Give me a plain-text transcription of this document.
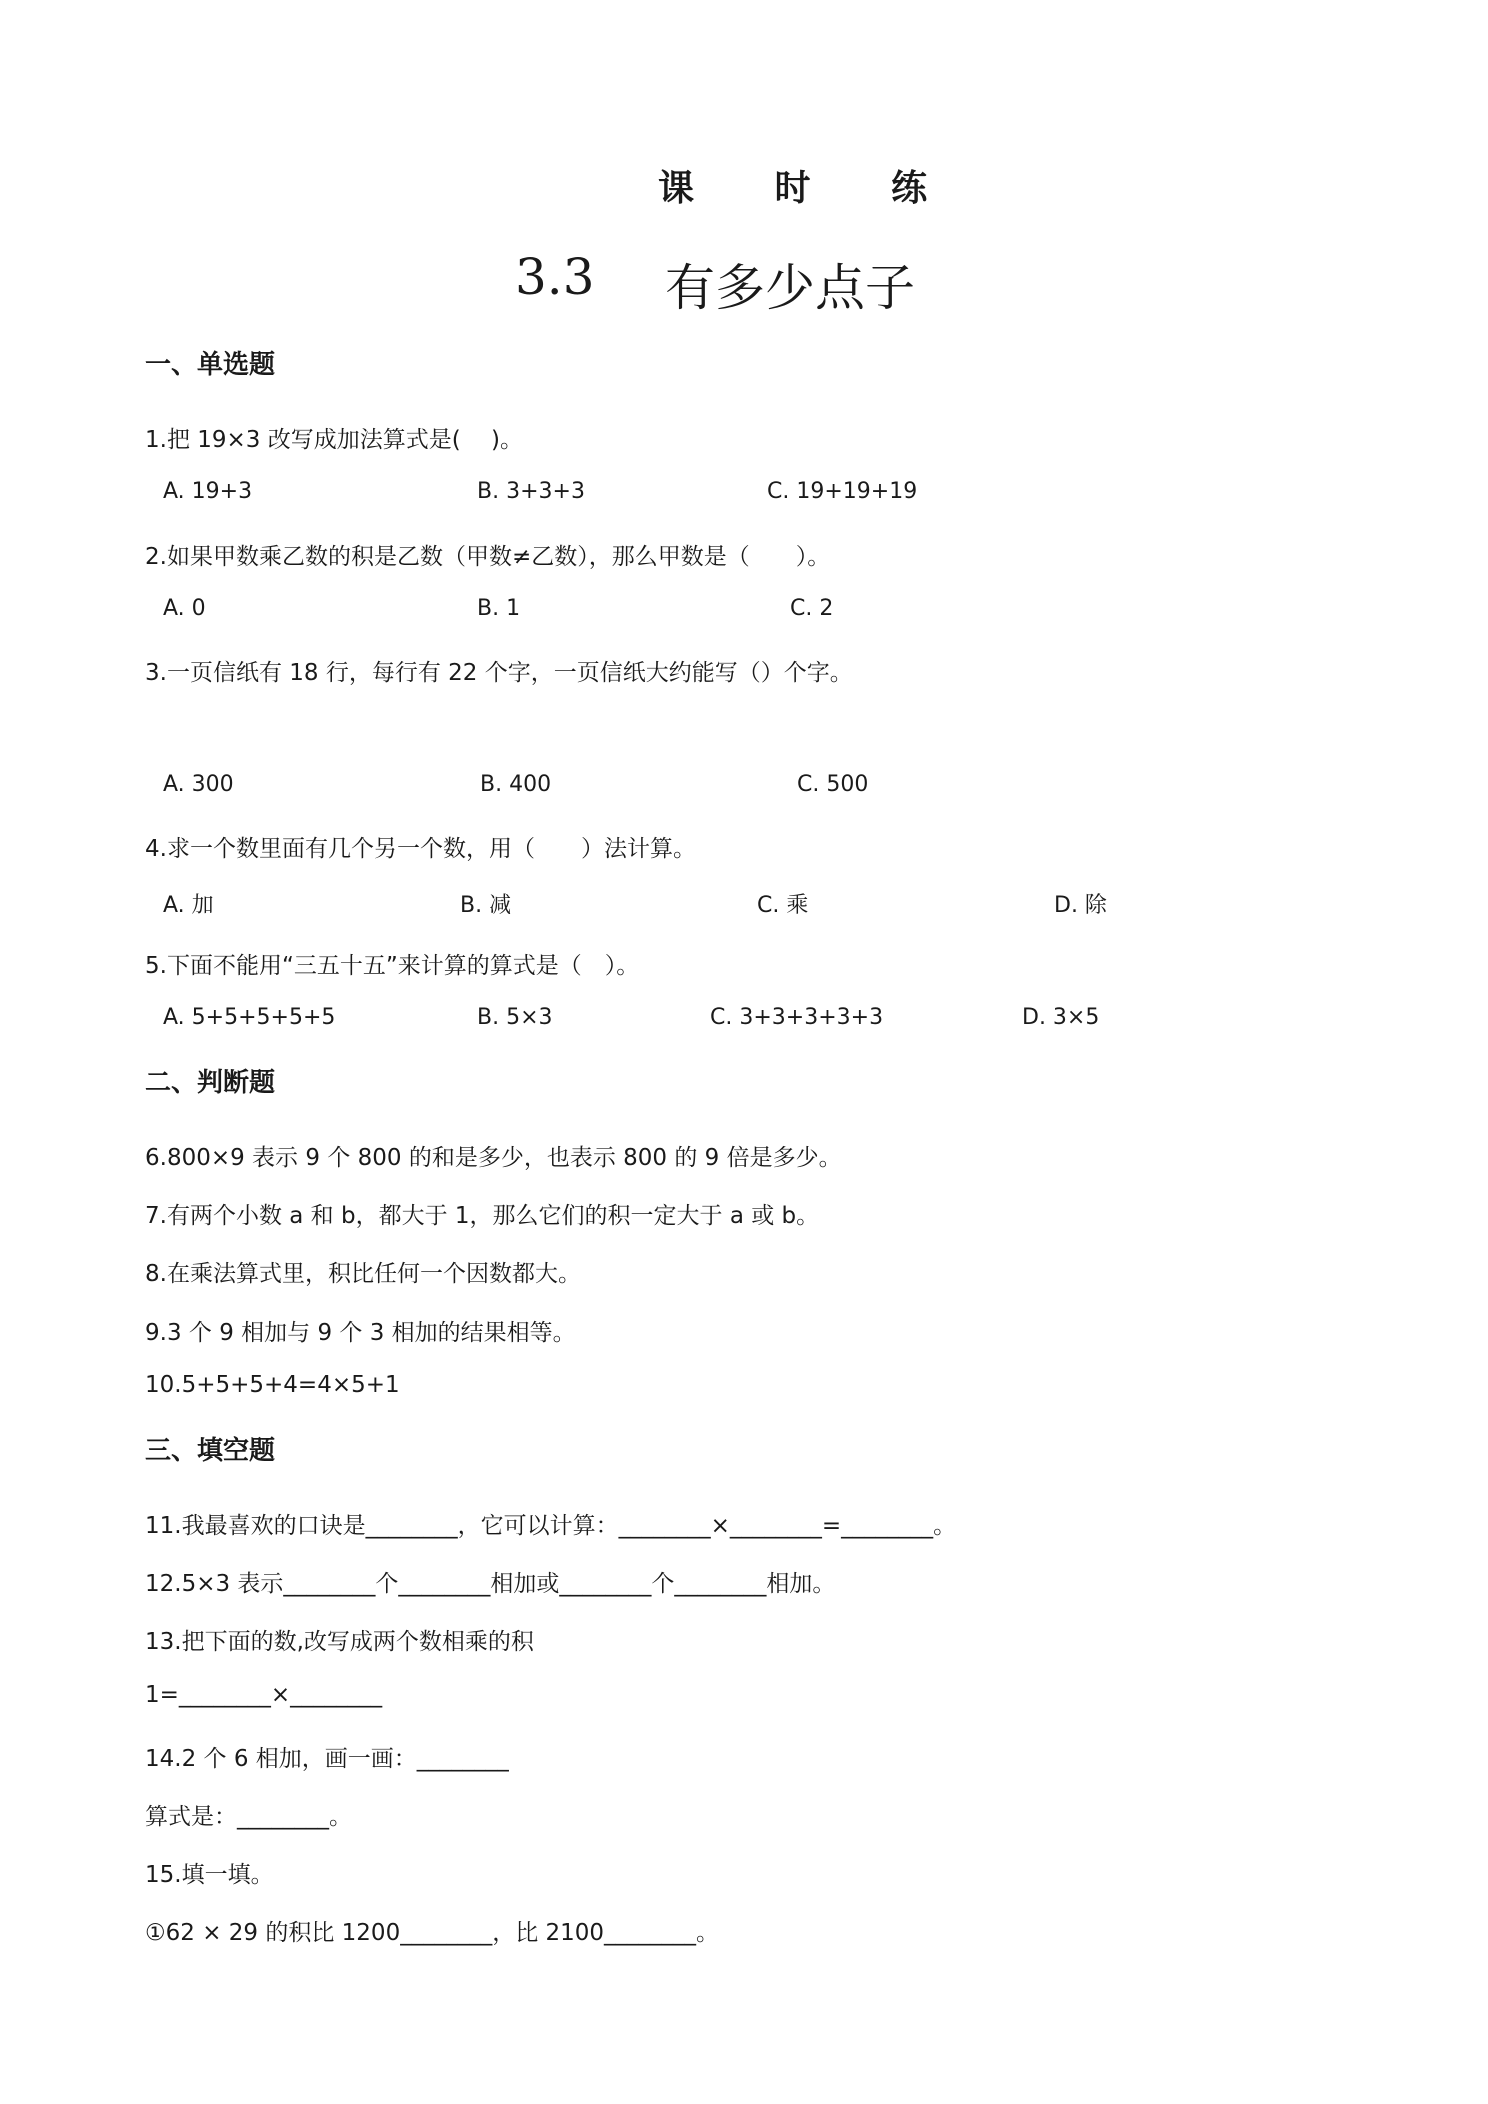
课 时 练
3.3 有多少点子
一、单选题
1.把 19×3 改写成加法算式是(　 )。
A. 19+3	B. 3+3+3	C. 19+19+19
2.如果甲数乘乙数的积是乙数（甲数≠乙数），那么甲数是（　　）。
A. 0	B. 1	C. 2
3.一页信纸有 18 行，每行有 22 个字，一页信纸大约能写（）个字。
A. 300	B. 400	C. 500
4.求一个数里面有几个另一个数，用（　　）法计算。
A. 加	B. 减	C. 乘	D. 除
5.下面不能用“三五十五”来计算的算式是（　）。
A. 5+5+5+5+5	B. 5×3	C. 3+3+3+3+3	D. 3×5
二、判断题
6.800×9 表示 9 个 800 的和是多少，也表示 800 的 9 倍是多少。
7.有两个小数 a 和 b，都大于 1，那么它们的积一定大于 a 或 b。
8.在乘法算式里，积比任何一个因数都大。
9.3 个 9 相加与 9 个 3 相加的结果相等。
10.5+5+5+4=4×5+1
三、填空题
11.我最喜欢的口诀是________，它可以计算：________×________=________。
12.5×3 表示________个________相加或________个________相加。
13.把下面的数,改写成两个数相乘的积
1=________×________
14.2 个 6 相加，画一画：________
算式是：________。
15.填一填。
①62 × 29 的积比 1200________，比 2100________。
